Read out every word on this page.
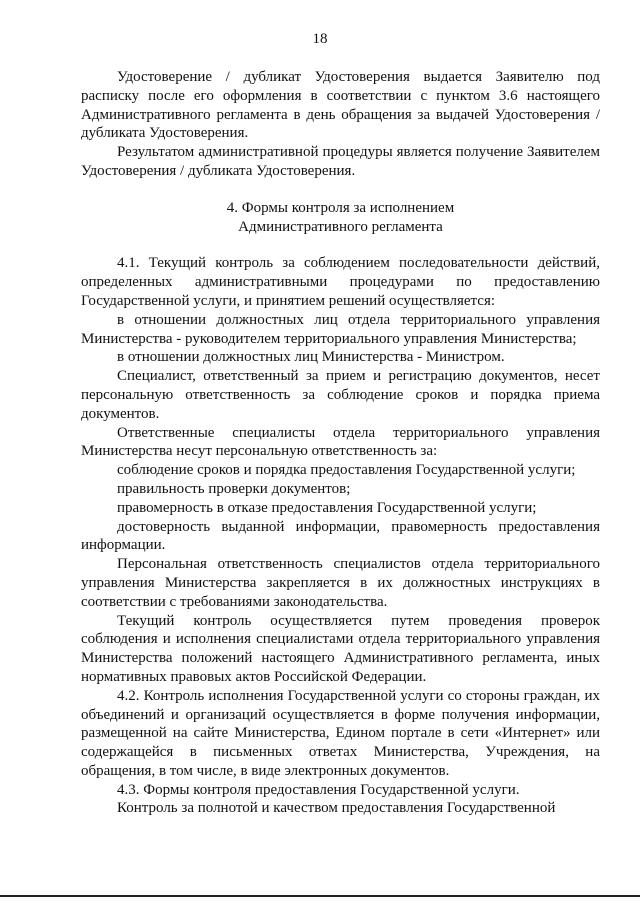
18

Удостоверение / дубликат Удостоверения выдается Заявителю под расписку после его оформления в соответствии с пунктом 3.6 настоящего Административного регламента в день обращения за выдачей Удостоверения / дубликата Удостоверения.

Результатом административной процедуры является получение Заявителем Удостоверения / дубликата Удостоверения.

4. Формы контроля за исполнением
Административного регламента

4.1. Текущий контроль за соблюдением последовательности действий, определенных административными процедурами по предоставлению Государственной услуги, и принятием решений осуществляется:

в отношении должностных лиц отдела территориального управления Министерства - руководителем территориального управления Министерства;

в отношении должностных лиц Министерства - Министром.

Специалист, ответственный за прием и регистрацию документов, несет персональную ответственность за соблюдение сроков и порядка приема документов.

Ответственные специалисты отдела территориального управления Министерства несут персональную ответственность за:

соблюдение сроков и порядка предоставления Государственной услуги;

правильность проверки документов;

правомерность в отказе предоставления Государственной услуги;

достоверность выданной информации, правомерность предоставления информации.

Персональная ответственность специалистов отдела территориального управления Министерства закрепляется в их должностных инструкциях в соответствии с требованиями законодательства.

Текущий контроль осуществляется путем проведения проверок соблюдения и исполнения специалистами отдела территориального управления Министерства положений настоящего Административного регламента, иных нормативных правовых актов Российской Федерации.

4.2. Контроль исполнения Государственной услуги со стороны граждан, их объединений и организаций осуществляется в форме получения информации, размещенной на сайте Министерства, Едином портале в сети «Интернет» или содержащейся в письменных ответах Министерства, Учреждения, на обращения, в том числе, в виде электронных документов.

4.3. Формы контроля предоставления Государственной услуги.

Контроль за полнотой и качеством предоставления Государственной
